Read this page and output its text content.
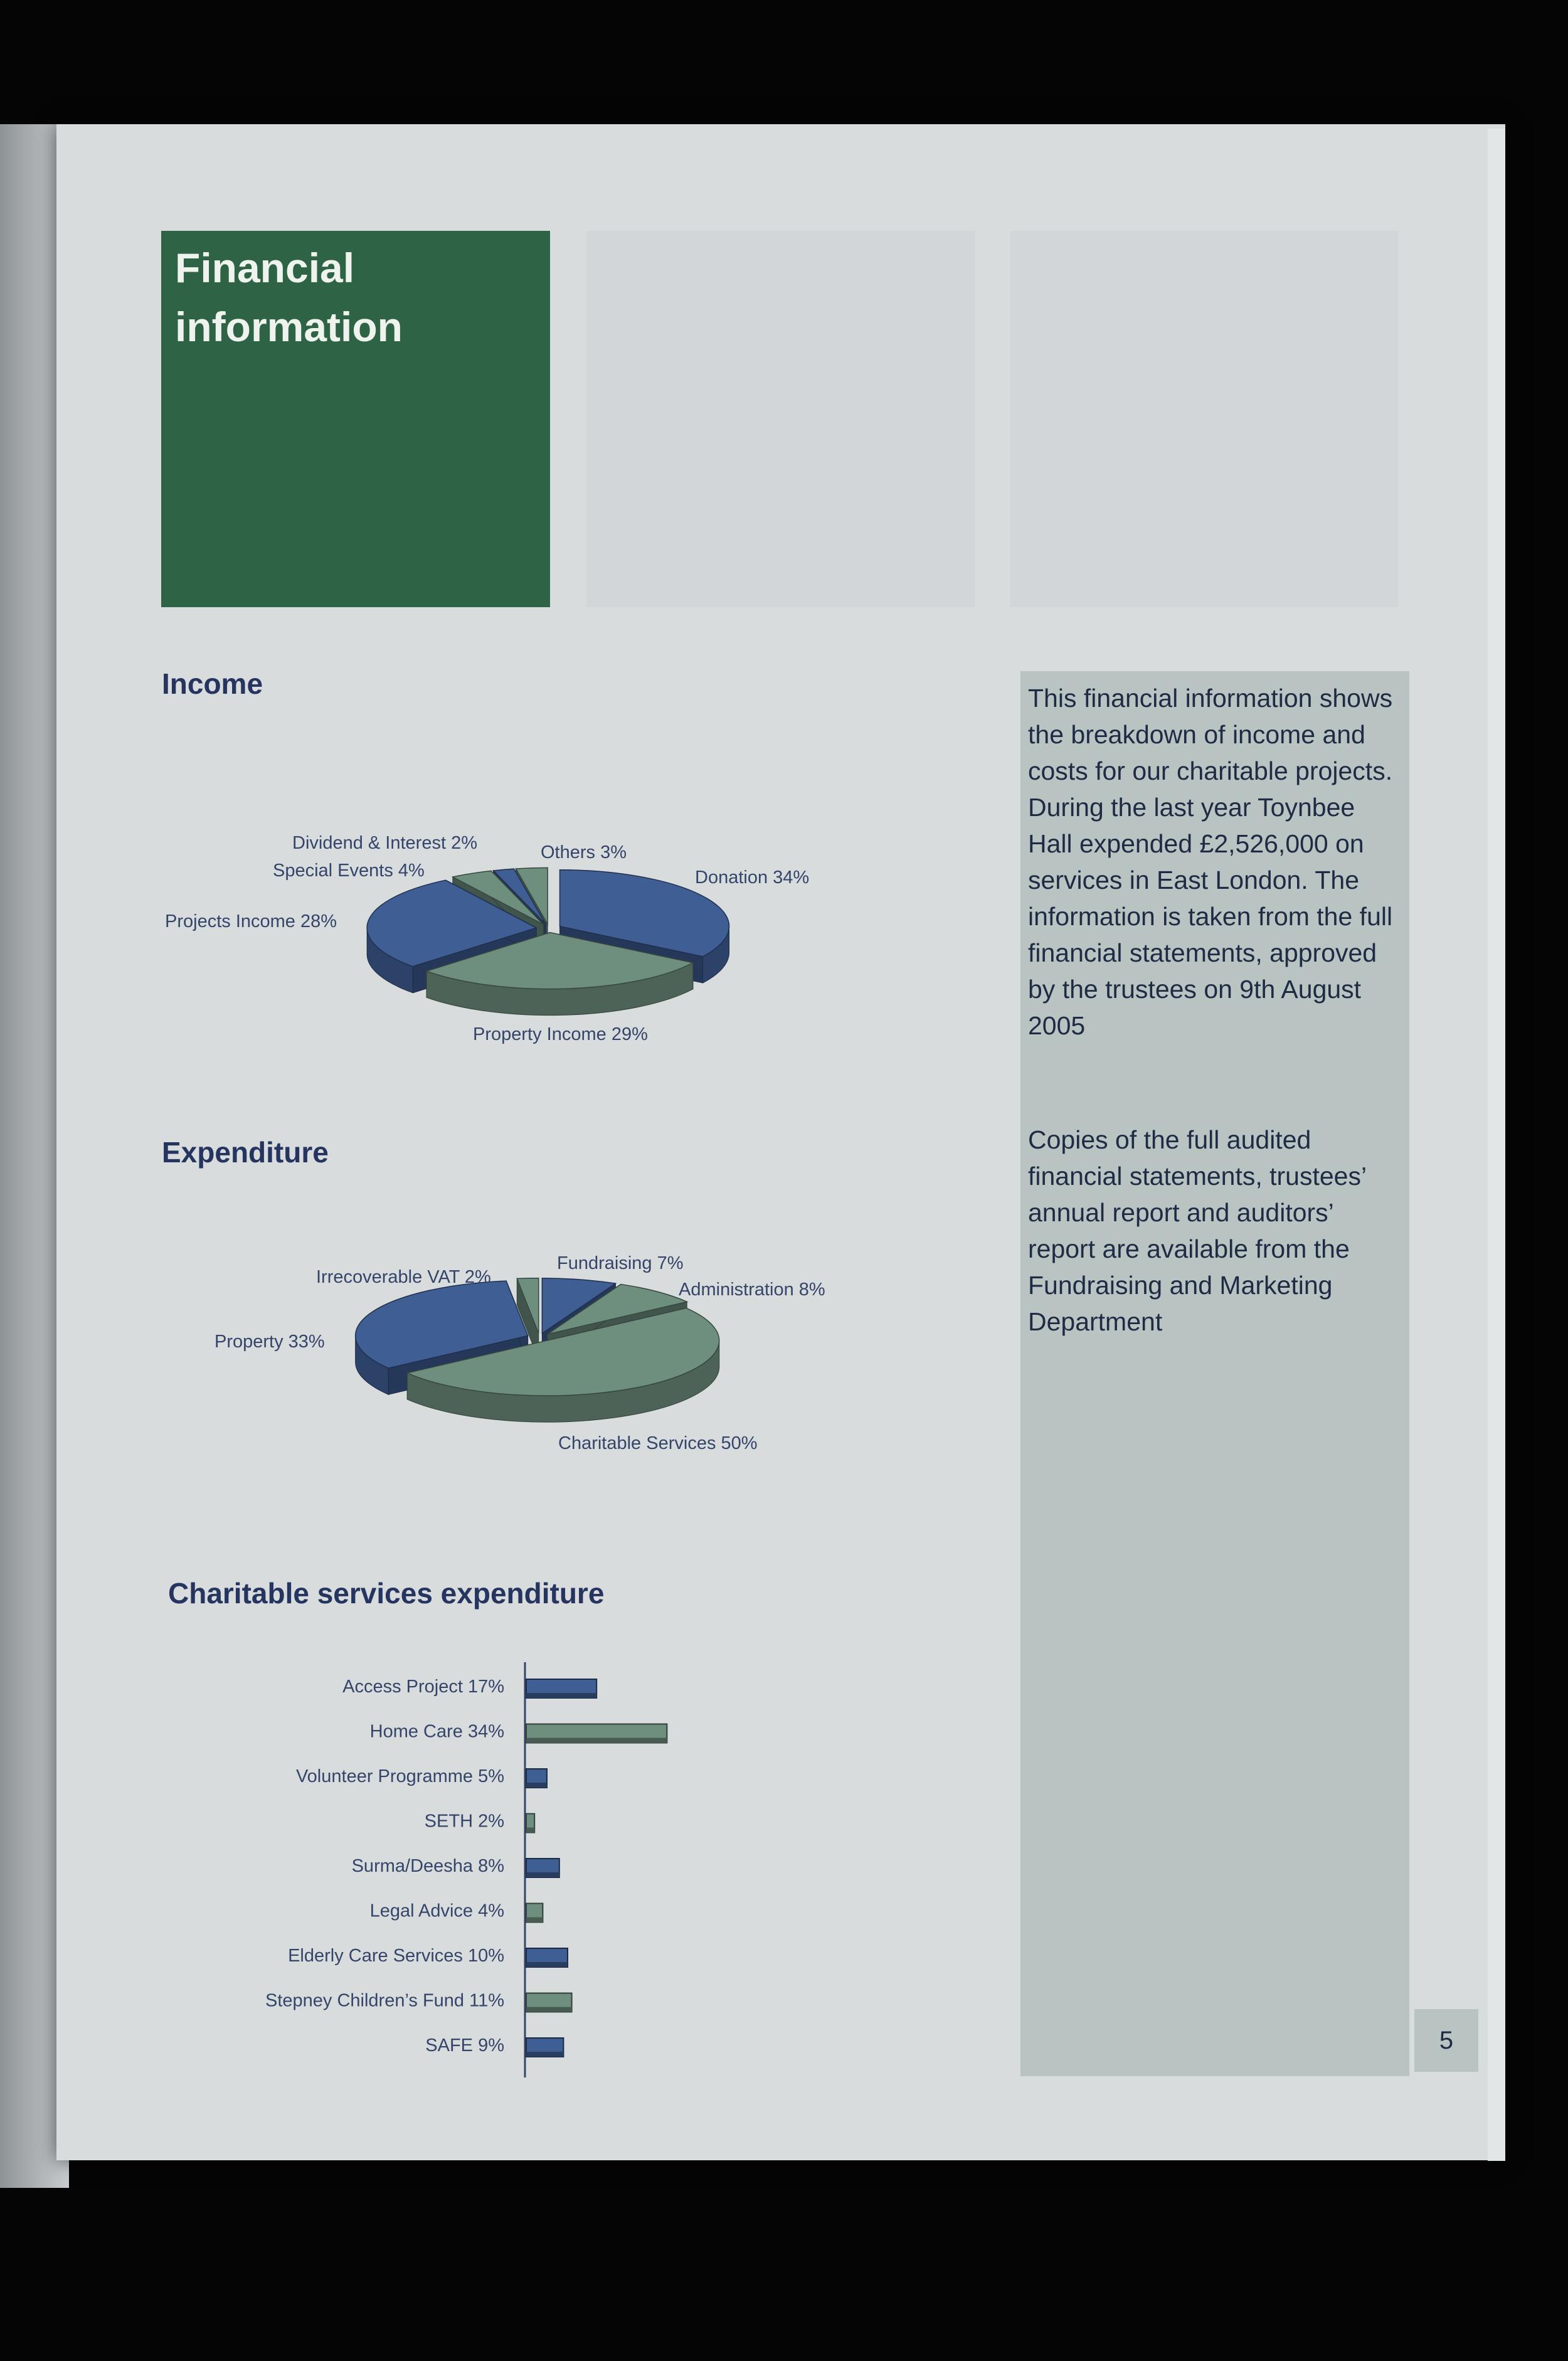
Financial
information
Income
Expenditure
Charitable services expenditure

This financial information shows the breakdown of income and costs for our charitable projects. During the last year Toynbee Hall expended £2,526,000 on services in East London. The information is taken from the full financial statements, approved by the trustees on 9th August 2005

Copies of the full audited financial statements, trustees’ annual report and auditors’ report are available from the Fundraising and Marketing Department

5
Dividend & Interest 2%
Special Events 4%
Others 3%
Donation 34%
Projects Income 28%
Property Income 29%
Fundraising 7%
Irrecoverable VAT 2%
Administration 8%
Property 33%
Charitable Services 50%
Access Project 17%
Home Care 34%
Volunteer Programme 5%
SETH 2%
Surma/Deesha 8%
Legal Advice 4%
Elderly Care Services 10%
Stepney Children’s Fund 11%
SAFE 9%
